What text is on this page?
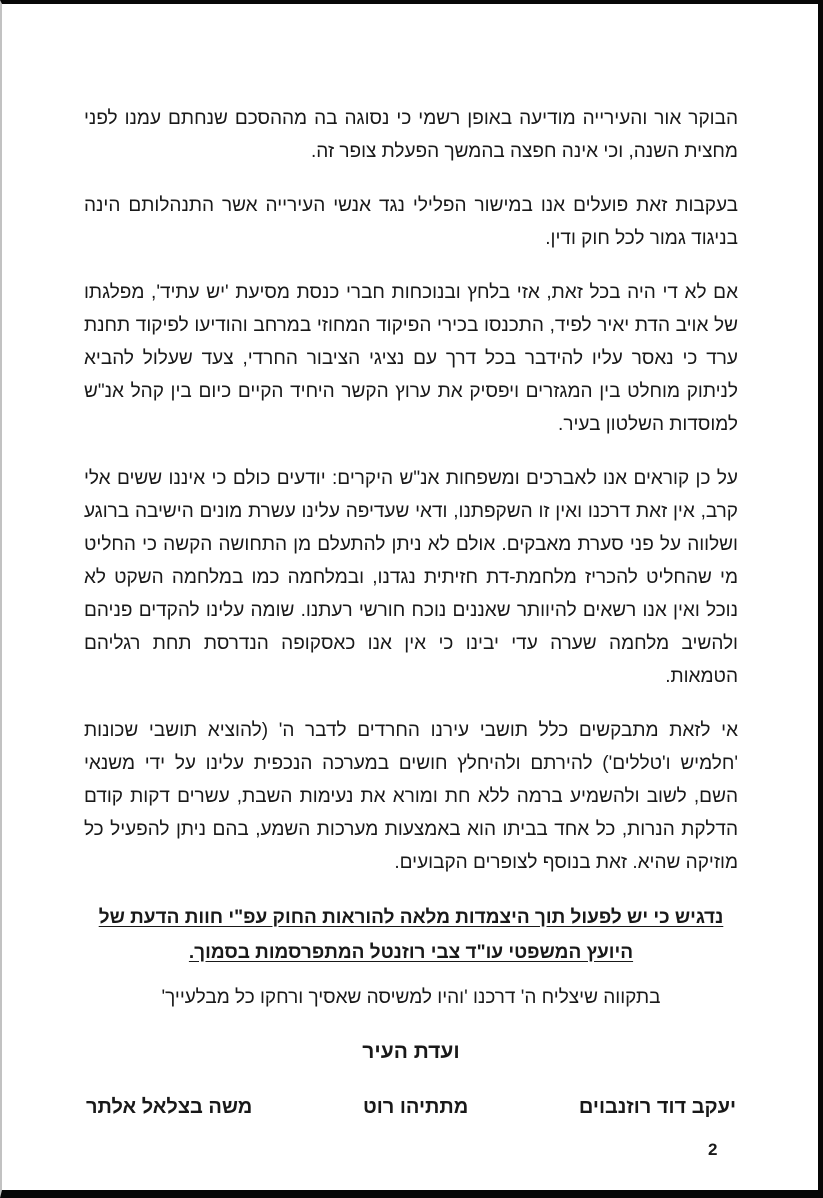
הבוקר אור והעירייה מודיעה באופן רשמי כי נסוגה בה מההסכם שנחתם עמנו לפני מחצית השנה, וכי אינה חפצה בהמשך הפעלת צופר זה.

בעקבות זאת פועלים אנו במישור הפלילי נגד אנשי העירייה אשר התנהלותם הינה בניגוד גמור לכל חוק ודין.

אם לא די היה בכל זאת, אזי בלחץ ובנוכחות חברי כנסת מסיעת 'יש עתיד', מפלגתו של אויב הדת יאיר לפיד, התכנסו בכירי הפיקוד המחוזי במרחב והודיעו לפיקוד תחנת ערד כי נאסר עליו להידבר בכל דרך עם נציגי הציבור החרדי, צעד שעלול להביא לניתוק מוחלט בין המגזרים ויפסיק את ערוץ הקשר היחיד הקיים כיום בין קהל אנ"ש למוסדות השלטון בעיר.

על כן קוראים אנו לאברכים ומשפחות אנ"ש היקרים: יודעים כולם כי איננו ששים אלי קרב, אין זאת דרכנו ואין זו השקפתנו, ודאי שעדיפה עלינו עשרת מונים הישיבה ברוגע ושלווה על פני סערת מאבקים. אולם לא ניתן להתעלם מן התחושה הקשה כי החליט מי שהחליט להכריז מלחמת-דת חזיתית נגדנו, ובמלחמה כמו במלחמה השקט לא נוכל ואין אנו רשאים להיוותר שאננים נוכח חורשי רעתנו. שומה עלינו להקדים פניהם ולהשיב מלחמה שערה עדי יבינו כי אין אנו כאסקופה הנדרסת תחת רגליהם הטמאות.

אי לזאת מתבקשים כלל תושבי עירנו החרדים לדבר ה' (להוציא תושבי שכונות 'חלמיש ו'טללים') להירתם ולהיחלץ חושים במערכה הנכפית עלינו על ידי משנאי השם, לשוב ולהשמיע ברמה ללא חת ומורא את נעימות השבת, עשרים דקות קודם הדלקת הנרות, כל אחד בביתו הוא באמצעות מערכות השמע, בהם ניתן להפעיל כל מוזיקה שהיא. זאת בנוסף לצופרים הקבועים.

נדגיש כי יש לפעול תוך היצמדות מלאה להוראות החוק עפ"י חוות הדעת של היועץ המשפטי עו"ד צבי רוזנטל המתפרסמות בסמוך.

בתקווה שיצליח ה' דרכנו 'והיו למשיסה שאסיך ורחקו כל מבלעייך'

ועדת העיר

יעקב דוד רוזנבוים
מתתיהו רוט
משה בצלאל אלתר
2
